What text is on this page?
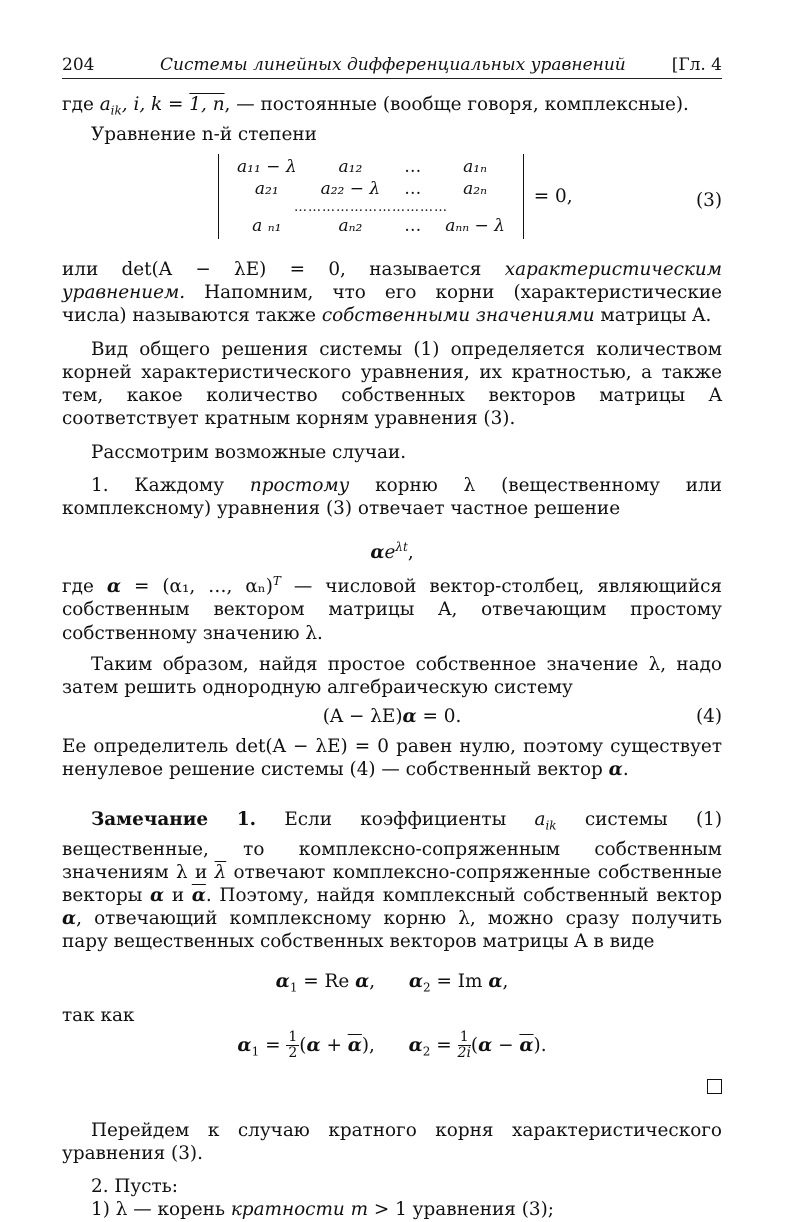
204	Системы линейных дифференциальных уравнений	[Гл. 4

где $a_{ik}$, i, k = 1, n, — постоянные (вообще говоря, комплексные).

Уравнение n-й степени

a₁₁ − λ	a₁₂	…	a₁ₙ
a₂₁	a₂₂ − λ	…	a₂ₙ
……………………………			
a ₙ₁	aₙ₂	…	aₙₙ − λ
= 0,	(3)

или det(A − λE) = 0, называется характеристическим уравнением. Напомним, что его корни (характеристические числа) называются также собственными значениями матрицы A.

Вид общего решения системы (1) определяется количеством корней характеристического уравнения, их кратностью, а также тем, какое количество собственных векторов матрицы A соответствует кратным корням уравнения (3).

Рассмотрим возможные случаи.

1. Каждому простому корню λ (вещественному или комплексному) уравнения (3) отвечает частное решение

$\alpha e^{\lambda t}$,

где α = (α₁, …, αₙ)$^T$ — числовой вектор-столбец, являющийся собственным вектором матрицы A, отвечающим простому собственному значению λ.

Таким образом, найдя простое собственное значение λ, надо затем решить однородную алгебраическую систему

(A − λE)α = 0.	(4)

Ее определитель det(A − λE) = 0 равен нулю, поэтому существует ненулевое решение системы (4) — собственный вектор α.

Замечание 1. Если коэффициенты $a_{ik}$ системы (1) вещественные, то комплексно-сопряженным собственным значениям λ и $\overline{\lambda}$ отвечают комплексно-сопряженные собственные векторы α и $\overline{\alpha}$. Поэтому, найдя комплексный собственный вектор α, отвечающий комплексному корню λ, можно сразу получить пару вещественных собственных векторов матрицы A в виде

$\alpha_1 = Re$ α, $\alpha_2 = Im$ α,

так как

$\alpha_1 = \frac{1}{2} (\alpha + \overline{\alpha})$, $\alpha_2 = \frac{1}{2i} (\alpha - \overline{\alpha})$.

Перейдем к случаю кратного корня характеристического уравнения (3).

2. Пусть:

1) λ — корень кратности m > 1 уравнения (3);
